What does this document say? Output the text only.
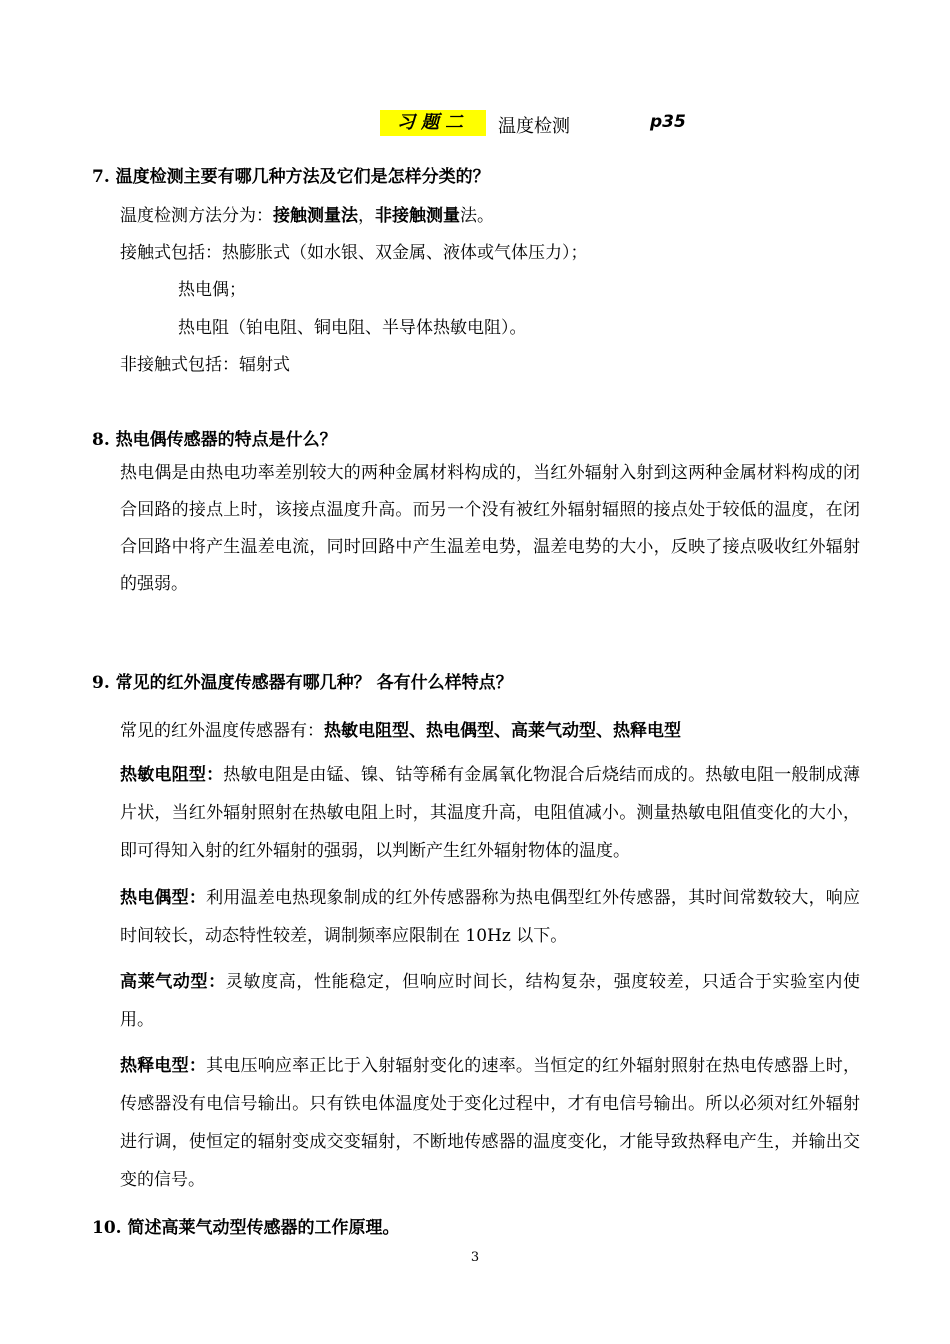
习题二	温度检测	p35
7. 温度检测主要有哪几种方法及它们是怎样分类的？
温度检测方法分为：接触测量法，非接触测量法。
接触式包括：热膨胀式（如水银、双金属、液体或气体压力）；
热电偶；
热电阻（铂电阻、铜电阻、半导体热敏电阻）。
非接触式包括：辐射式
8. 热电偶传感器的特点是什么？
热电偶是由热电功率差别较大的两种金属材料构成的，当红外辐射入射到这两种金属材料构成的闭合回路的接点上时，该接点温度升高。而另一个没有被红外辐射辐照的接点处于较低的温度，在闭合回路中将产生温差电流，同时回路中产生温差电势，温差电势的大小，反映了接点吸收红外辐射的强弱。
9. 常见的红外温度传感器有哪几种？ 各有什么样特点？
常见的红外温度传感器有：热敏电阻型、热电偶型、高莱气动型、热释电型
热敏电阻型：热敏电阻是由锰、镍、钴等稀有金属氧化物混合后烧结而成的。热敏电阻一般制成薄片状，当红外辐射照射在热敏电阻上时，其温度升高，电阻值减小。测量热敏电阻值变化的大小，即可得知入射的红外辐射的强弱，以判断产生红外辐射物体的温度。
热电偶型：利用温差电热现象制成的红外传感器称为热电偶型红外传感器，其时间常数较大，响应时间较长，动态特性较差，调制频率应限制在 10Hz 以下。
高莱气动型：灵敏度高，性能稳定，但响应时间长，结构复杂，强度较差，只适合于实验室内使用。
热释电型：其电压响应率正比于入射辐射变化的速率。当恒定的红外辐射照射在热电传感器上时，传感器没有电信号输出。只有铁电体温度处于变化过程中，才有电信号输出。所以必须对红外辐射进行调，使恒定的辐射变成交变辐射，不断地传感器的温度变化，才能导致热释电产生，并输出交变的信号。
10. 简述高莱气动型传感器的工作原理。
3
